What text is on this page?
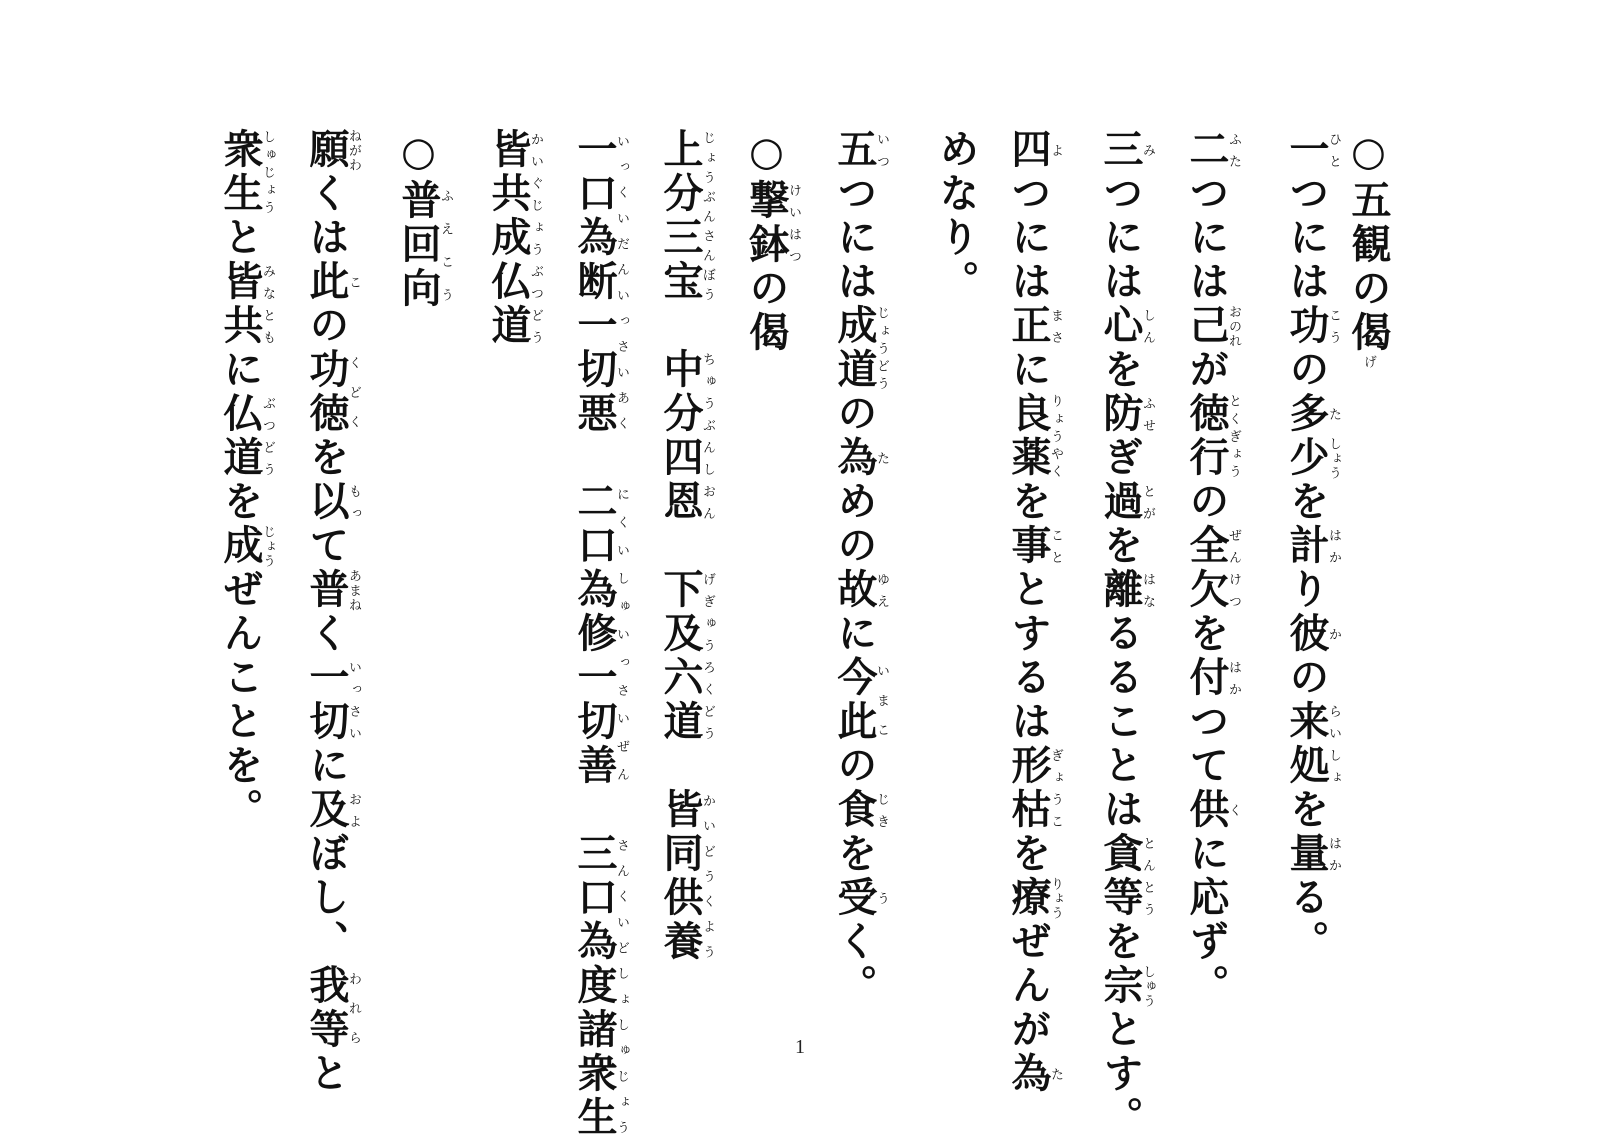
○五観の偈げ
一ひとつには功こうの多た少しょうを計はかり彼かの来処らいしょを量はかる。
二ふたつには己おのれが徳行とくぎょうの全欠ぜんけつを付はかつて供くに応ず。
三みつには心しんを防ふせぎ過とがを離はなるることは貪等とんとうを宗しゅうとす。
四よつには正まさに良薬りょうやくを事こととするは形枯ぎょうこを療りょうぜんが為た
めなり。
五いつつには成道じょうどうの為ための故ゆえに今此いまこの食じきを受うく。
○撃鉢けいはつの偈
上分三宝じょうぶんさんぼう　中分四恩ちゅうぶんしおん　下及六道げぎゅうろくどう　皆同供養かいどうくよう
一口為断一切悪いっくいだんいっさいあく　二口為修一切善にくいしゅいっさいぜん　三口為度諸衆生さんくいどしょしゅじょう
皆共成仏道かいぐじょうぶつどう
○普回向ふえこう
願ねがわくは此この功徳くどくを以もって普あまねく一切いっさいに及およぼし、我等われらと
衆生しゅじょうと皆共みなともに仏道ぶつどうを成じょうぜんことを。
1
